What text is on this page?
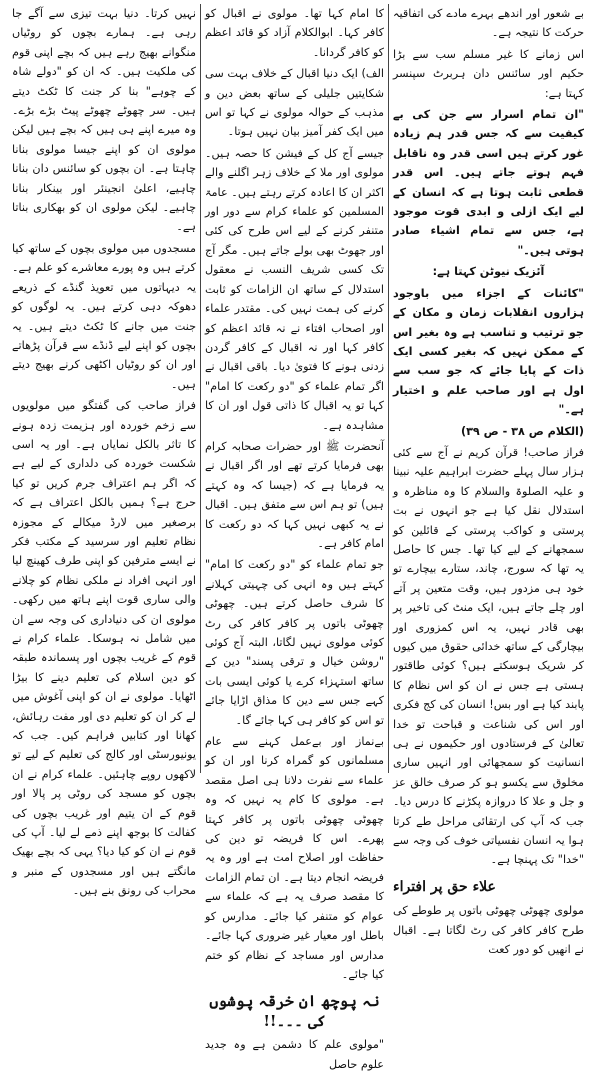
بے شعور اور اندھے بہرے مادے کی اتفاقیہ حرکت کا نتیجہ ہے۔

اس زمانے کا غیر مسلم سب سے بڑا حکیم اور سائنس دان ہربرٹ سپنسر کہتا ہے:

"ان تمام اسرار سے جن کی بے کیفیت سے کہ جس قدر ہم زیادہ غور کرتے ہیں اسی قدر وہ ناقابل فہم ہوتے جاتے ہیں۔ اس قدر قطعی ثابت ہوتا ہے کہ انسان کے لیے ایک ازلی و ابدی قوت موجود ہے، جس سے تمام اشیاء صادر ہوتی ہیں۔"

آئزیک نیوٹن کہتا ہے:

"کائنات کے اجزاء میں باوجود ہزاروں انقلابات زمان و مکان کے جو ترتیب و تناسب ہے وہ بغیر اس کے ممکن نہیں کہ بغیر کسی ایک ذات کے پایا جائے کہ جو سب سے اول ہے اور صاحب علم و اختیار ہے۔"

(الکلام ص ۳۸ - ص ۳۹)

فراز صاحب! قرآن کریم نے آج سے کئی ہزار سال پہلے حضرت ابراہیم علیہ نبینا و علیہ الصلوۃ والسلام کا وہ مناظرہ و استدلال نقل کیا ہے جو انہوں نے بت پرستی و کواکب پرستی کے قائلین کو سمجھانے کے لیے کیا تھا۔ جس کا حاصل یہ تھا کہ سورج، چاند، ستارے بیچارے تو خود ہی مزدور ہیں، وقت متعین پر آتے اور چلے جاتے ہیں، ایک منٹ کی تاخیر پر بھی قادر نہیں، یہ اس کمزوری اور بیچارگی کے ساتھ خدائی حقوق میں کیوں کر شریک ہوسکتے ہیں؟ کوئی طاقتور ہستی ہے جس نے ان کو اس نظام کا پابند کیا ہے اور بس! انسان کی کج فکری اور اس کی شناعت و قباحت تو خدا تعالیٰ کے فرستادوں اور حکیموں نے ہی انسانیت کو سمجھائی اور انہیں ساری مخلوق سے یکسو ہو کر صرف خالق عز و جل و علا کا دروازہ پکڑنے کا درس دیا۔ جب کہ آپ کی ارتقائی مراحل طے کرتا ہوا یہ انسان نفسیاتی خوف کی وجہ سے "خدا" تک پہنچا ہے۔

علاء حق پر افتراء

مولوی چھوٹی چھوٹی باتوں پر طوطے کی طرح کافر کافر کی رٹ لگاتا ہے۔ اقبال نے انھیں کو دور کعت

کا امام کہا تھا۔ مولوی نے اقبال کو کافر کہا۔ ابوالکلام آزاد کو قائد اعظم کو کافر گردانا۔

الف) ایک دنیا اقبال کے خلاف بہت سی شکایتیں جلیلی کے ساتھ بعض دین و مذہب کے حوالہ مولوی نے کہا تو اس میں ایک کفر آمیز بیان نہیں ہوتا۔

جیسے آج کل کے فیشن کا حصہ ہیں۔ مولوی اور ملا کے خلاف زہر اگلنے والے اکثر ان کا اعادہ کرتے رہتے ہیں۔ عامۃ المسلمین کو علماء کرام سے دور اور متنفر کرنے کے لیے اس طرح کی کئی اور جھوٹ بھی بولے جاتے ہیں۔ مگر آج تک کسی شریف النسب نے معقول استدلال کے ساتھ ان الزامات کو ثابت کرنے کی ہمت نہیں کی۔ مقتدر علماء اور اصحاب افتاء نے نہ قائد اعظم کو کافر کہا اور نہ اقبال کے کافر گردن زدنی ہونے کا فتویٰ دیا۔ باقی اقبال نے اگر تمام علماء کو "دو رکعت کا امام" کہا تو یہ اقبال کا ذاتی قول اور ان کا مشاہدہ ہے۔

آنحضرت ﷺ اور حضرات صحابہ کرام بھی فرمایا کرتے تھے اور اگر اقبال نے یہ فرمایا ہے کہ (جیسا کہ وہ کہتے ہیں) تو ہم اس سے متفق ہیں۔ اقبال نے یہ کبھی نہیں کہا کہ دو رکعت کا امام کافر ہے۔

جو تمام علماء کو "دو رکعت کا امام" کہتے ہیں وہ انہی کی چہیتی کہلانے کا شرف حاصل کرتے ہیں۔ چھوٹی چھوٹی باتوں پر کافر کافر کی رٹ کوئی مولوی نہیں لگاتا، البتہ آج کوئی "روشن خیال و ترقی پسند" دین کے ساتھ استہزاء کرے یا کوئی ایسی بات کہے جس سے دین کا مذاق اڑایا جائے تو اس کو کافر ہی کہا جائے گا۔

بےنماز اور بےعمل کہنے سے عام مسلمانوں کو گمراہ کرنا اور ان کو علماء سے نفرت دلانا ہی اصل مقصد ہے۔ مولوی کا کام یہ نہیں کہ وہ چھوٹی چھوٹی باتوں پر کافر کہتا پھرے۔ اس کا فریضہ تو دین کی حفاظت اور اصلاح امت ہے اور وہ یہ فریضہ انجام دیتا ہے۔ ان تمام الزامات کا مقصد صرف یہ ہے کہ علماء سے عوام کو متنفر کیا جائے۔ مدارس کو باطل اور معیار غیر ضروری کہا جائے۔ مدارس اور مساجد کے نظام کو ختم کیا جائے۔

نہ پوچھ ان خرقہ پوشوں کی ۔۔۔!!

"مولوی علم کا دشمن ہے وہ جدید علوم حاصل

نہیں کرتا۔ دنیا بہت تیزی سے آگے جا رہی ہے۔ ہمارے بچوں کو روٹیاں منگوانے بھیج رہے ہیں کہ بچے اپنی قوم کی ملکیت ہیں۔ کہ ان کو "دولے شاہ کے چوہے" بنا کر جنت کا ٹکٹ دیتے ہیں۔ سر چھوٹے چھوٹے پیٹ بڑے بڑے۔ وہ میرے اپنے ہی ہیں کہ بچے ہیں لیکن مولوی ان کو اپنے جیسا مولوی بنانا چاہتا ہے۔ ان بچوں کو سائنس دان بنانا چاہیے، اعلیٰ انجینئر اور بینکار بنانا چاہیے۔ لیکن مولوی ان کو بھکاری بناتا ہے۔

مسجدوں میں مولوی بچوں کے ساتھ کیا کرتے ہیں وہ پورے معاشرے کو علم ہے۔ یہ دیہاتوں میں تعویذ گنڈے کے ذریعے دھوکہ دہی کرتے ہیں۔ یہ لوگوں کو جنت میں جانے کا ٹکٹ دیتے ہیں۔ یہ بچوں کو اپنے لیے ڈنڈے سے قرآن پڑھاتے اور ان کو روٹیاں اکٹھی کرنے بھیج دیتے ہیں۔

فراز صاحب کی گفتگو میں مولویوں سے زخم خوردہ اور ہزیمت زدہ ہونے کا تاثر بالکل نمایاں ہے۔ اور یہ اسی شکست خوردہ کی دلداری کے لیے ہے کہ اگر ہم اعتراف جرم کریں تو کیا حرج ہے؟ ہمیں بالکل اعتراف ہے کہ برصغیر میں لارڈ میکالے کے مجوزہ نظام تعلیم اور سرسید کے مکتب فکر نے ایسے مترفین کو اپنی طرف کھینچ لیا اور انہی افراد نے ملکی نظام کو چلانے والی ساری قوت اپنے ہاتھ میں رکھی۔ مولوی ان کی دنیاداری کی وجہ سے ان میں شامل نہ ہوسکا۔ علماء کرام نے قوم کے غریب بچوں اور پسماندہ طبقہ کو دین اسلام کی تعلیم دینے کا بیڑا اٹھایا۔ مولوی نے ان کو اپنی آغوش میں لے کر ان کو تعلیم دی اور مفت رہائش، کھانا اور کتابیں فراہم کیں۔ جب کہ یونیورسٹی اور کالج کی تعلیم کے لیے تو لاکھوں روپے چاہئیں۔ علماء کرام نے ان بچوں کو مسجد کی روٹی پر پالا اور قوم کے ان یتیم اور غریب بچوں کی کفالت کا بوجھ اپنے ذمے لے لیا۔ آپ کی قوم نے ان کو کیا دیا؟ یہی کہ بچے بھیک مانگتے ہیں اور مسجدوں کے منبر و محراب کی رونق بنے ہیں۔
